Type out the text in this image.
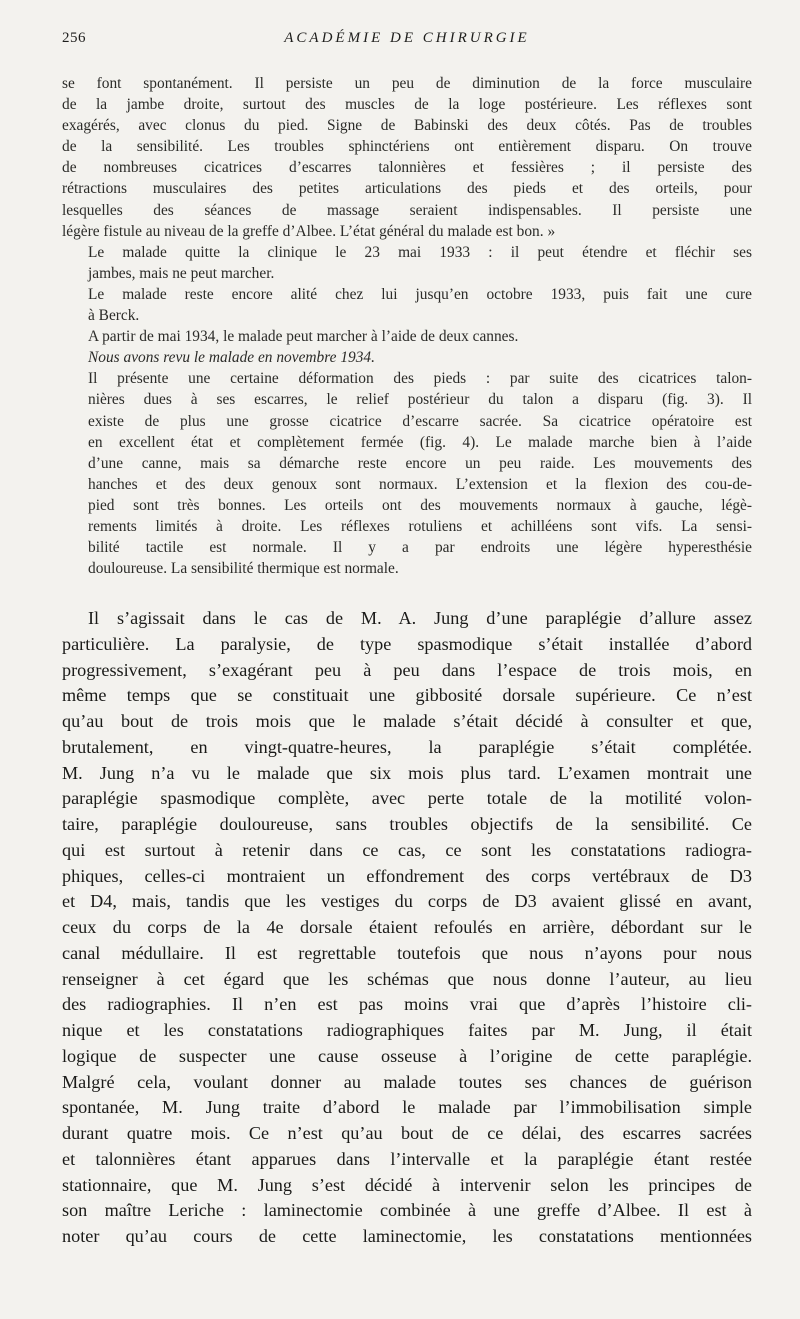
256	ACADÉMIE DE CHIRURGIE

se font spontanément. Il persiste un peu de diminution de la force musculaire
de la jambe droite, surtout des muscles de la loge postérieure. Les réflexes sont
exagérés, avec clonus du pied. Signe de Babinski des deux côtés. Pas de troubles
de la sensibilité. Les troubles sphinctériens ont entièrement disparu. On trouve
de nombreuses cicatrices d’escarres talonnières et fessières ; il persiste des
rétractions musculaires des petites articulations des pieds et des orteils, pour
lesquelles des séances de massage seraient indispensables. Il persiste une
légère fistule au niveau de la greffe d’Albee. L’état général du malade est bon. »

Le malade quitte la clinique le 23 mai 1933 : il peut étendre et fléchir ses
jambes, mais ne peut marcher.

Le malade reste encore alité chez lui jusqu’en octobre 1933, puis fait une cure
à Berck.

A partir de mai 1934, le malade peut marcher à l’aide de deux cannes.

Nous avons revu le malade en novembre 1934.

Il présente une certaine déformation des pieds : par suite des cicatrices talon-
nières dues à ses escarres, le relief postérieur du talon a disparu (fig. 3). Il
existe de plus une grosse cicatrice d’escarre sacrée. Sa cicatrice opératoire est
en excellent état et complètement fermée (fig. 4). Le malade marche bien à l’aide
d’une canne, mais sa démarche reste encore un peu raide. Les mouvements des
hanches et des deux genoux sont normaux. L’extension et la flexion des cou-de-
pied sont très bonnes. Les orteils ont des mouvements normaux à gauche, légè-
rements limités à droite. Les réflexes rotuliens et achilléens sont vifs. La sensi-
bilité tactile est normale. Il y a par endroits une légère hyperesthésie
douloureuse. La sensibilité thermique est normale.

Il s’agissait dans le cas de M. A. Jung d’une paraplégie d’allure assez
particulière. La paralysie, de type spasmodique s’était installée d’abord
progressivement, s’exagérant peu à peu dans l’espace de trois mois, en
même temps que se constituait une gibbosité dorsale supérieure. Ce n’est
qu’au bout de trois mois que le malade s’était décidé à consulter et que,
brutalement, en vingt-quatre-heures, la paraplégie s’était complétée.
M. Jung n’a vu le malade que six mois plus tard. L’examen montrait une
paraplégie spasmodique complète, avec perte totale de la motilité volon-
taire, paraplégie douloureuse, sans troubles objectifs de la sensibilité. Ce
qui est surtout à retenir dans ce cas, ce sont les constatations radiogra-
phiques, celles-ci montraient un effondrement des corps vertébraux de D3
et D4, mais, tandis que les vestiges du corps de D3 avaient glissé en avant,
ceux du corps de la 4e dorsale étaient refoulés en arrière, débordant sur le
canal médullaire. Il est regrettable toutefois que nous n’ayons pour nous
renseigner à cet égard que les schémas que nous donne l’auteur, au lieu
des radiographies. Il n’en est pas moins vrai que d’après l’histoire cli-
nique et les constatations radiographiques faites par M. Jung, il était
logique de suspecter une cause osseuse à l’origine de cette paraplégie.
Malgré cela, voulant donner au malade toutes ses chances de guérison
spontanée, M. Jung traite d’abord le malade par l’immobilisation simple
durant quatre mois. Ce n’est qu’au bout de ce délai, des escarres sacrées
et talonnières étant apparues dans l’intervalle et la paraplégie étant restée
stationnaire, que M. Jung s’est décidé à intervenir selon les principes de
son maître Leriche : laminectomie combinée à une greffe d’Albee. Il est à
noter qu’au cours de cette laminectomie, les constatations mentionnées
